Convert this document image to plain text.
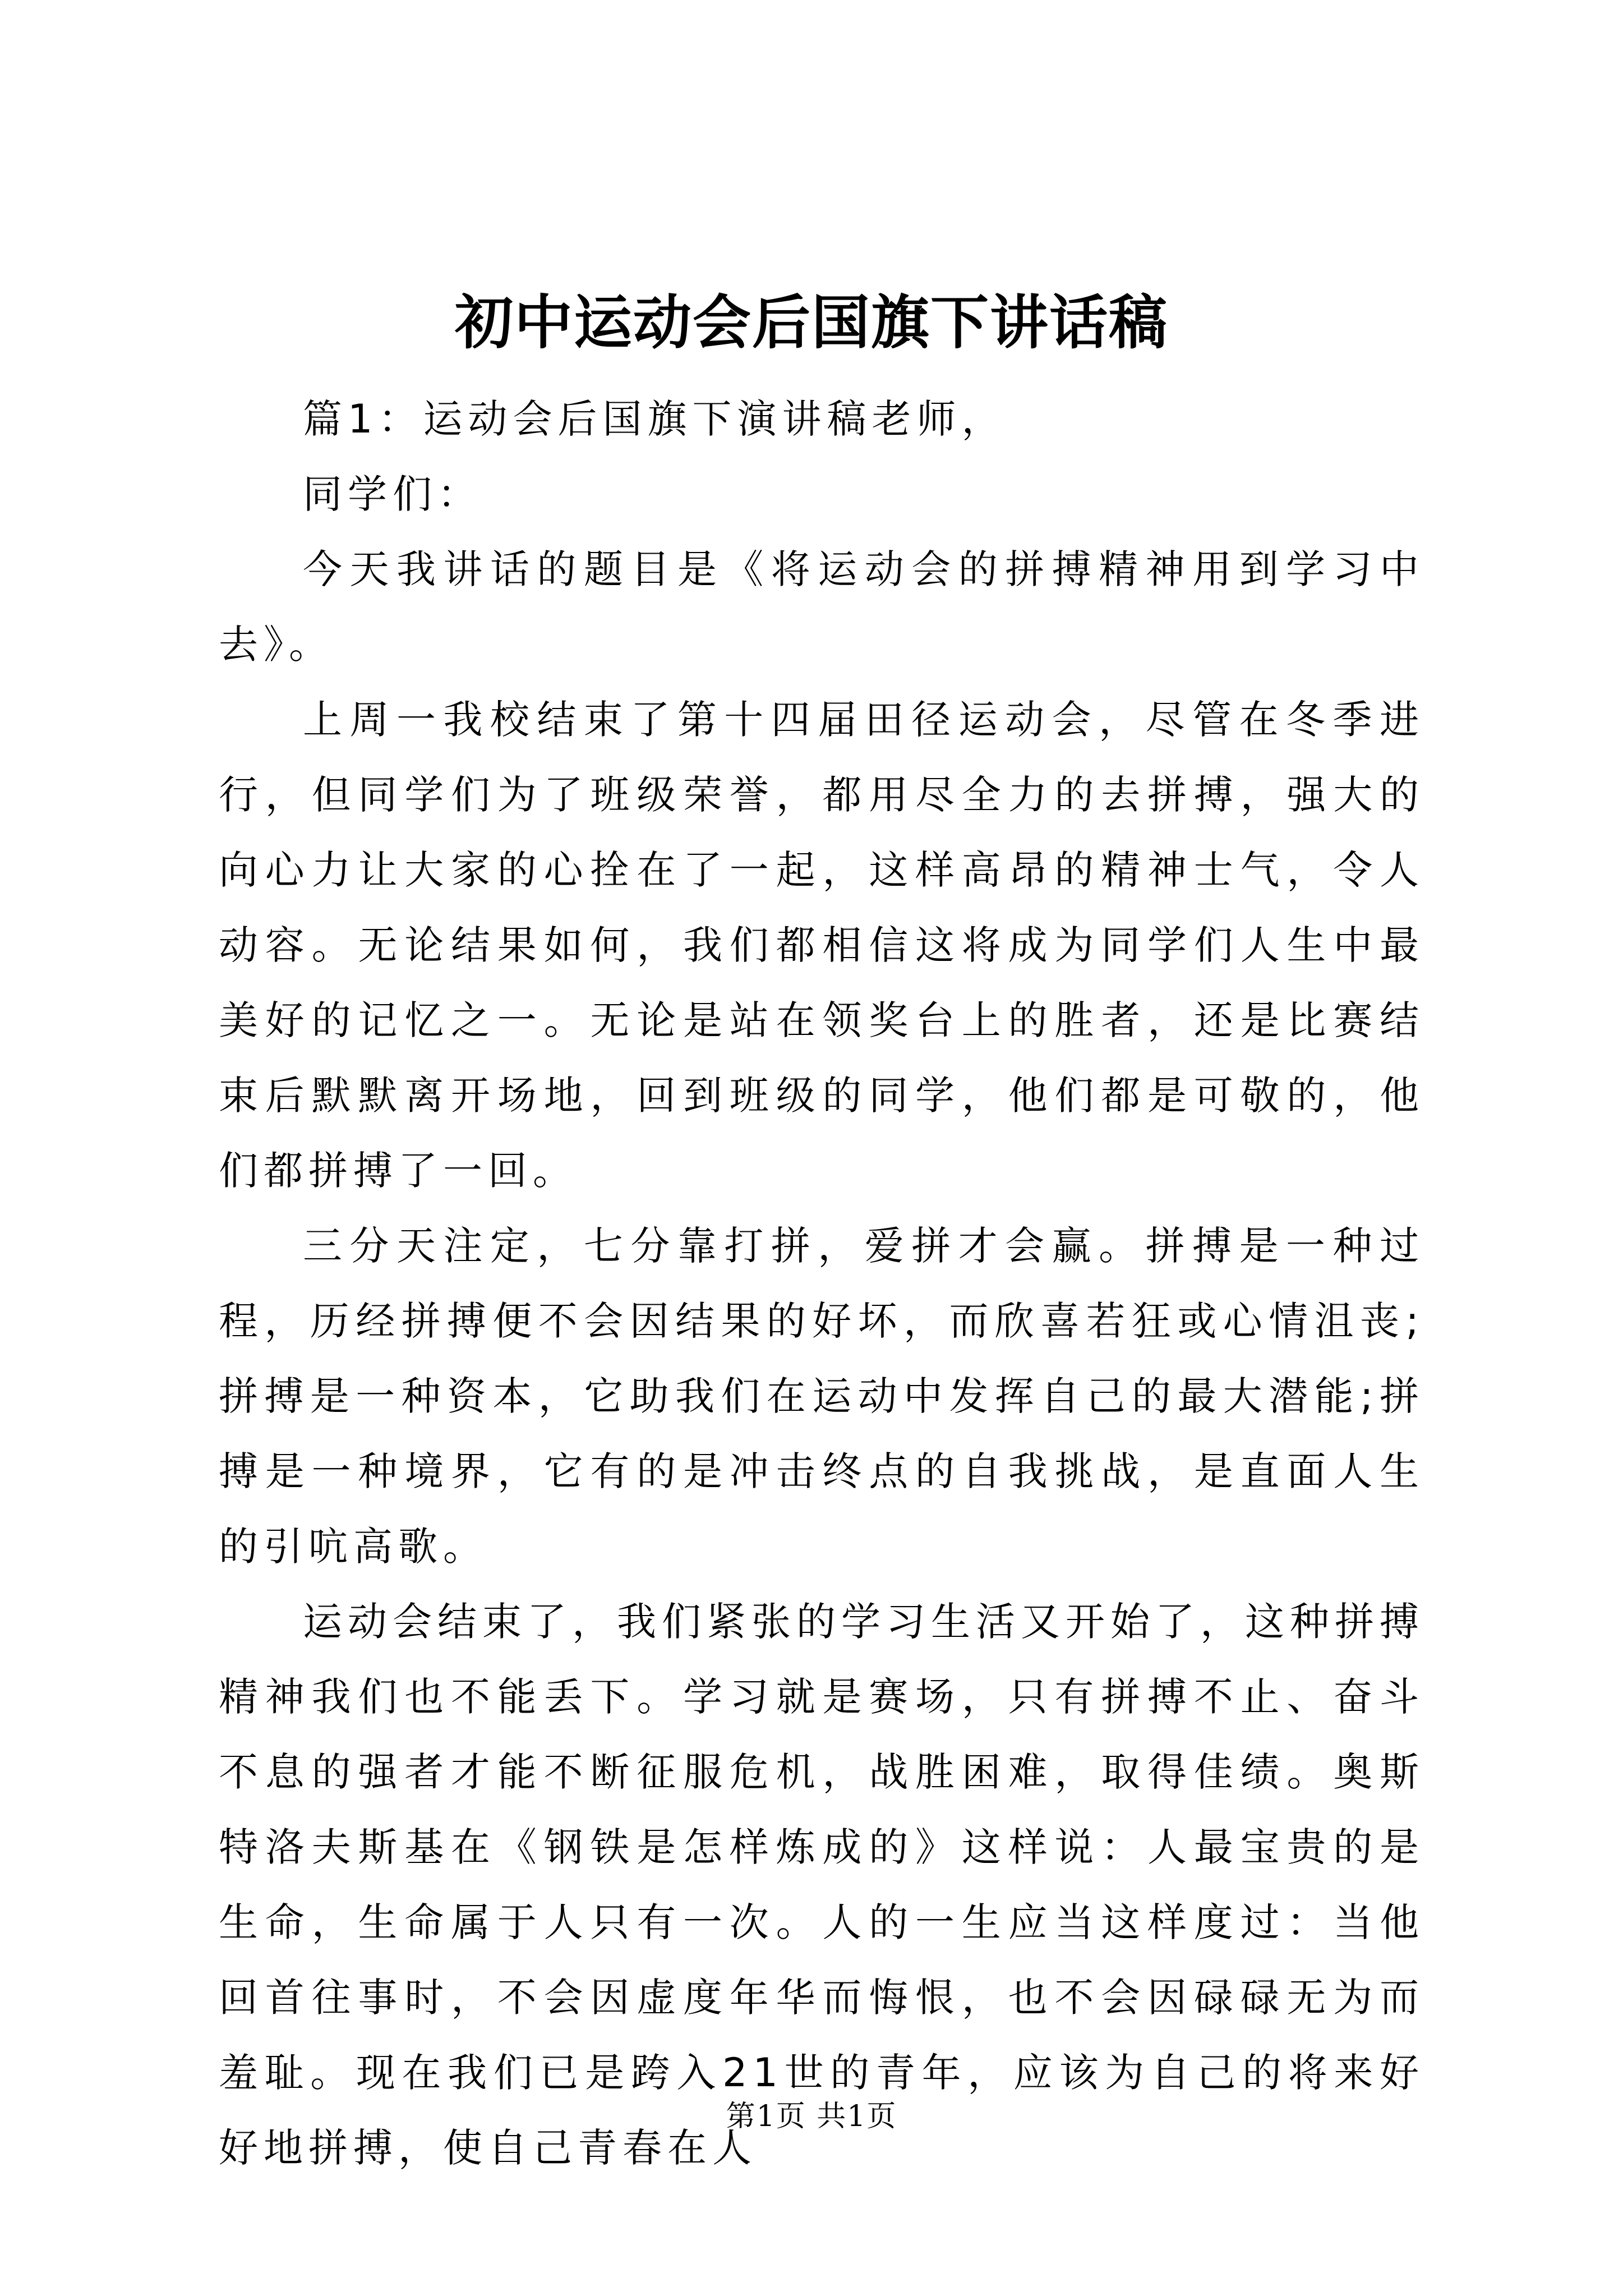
初中运动会后国旗下讲话稿

篇1：运动会后国旗下演讲稿老师，

同学们：

今天我讲话的题目是《将运动会的拼搏精神用到学习中去》。

上周一我校结束了第十四届田径运动会，尽管在冬季进行，但同学们为了班级荣誉，都用尽全力的去拼搏，强大的向心力让大家的心拴在了一起，这样高昂的精神士气，令人动容。无论结果如何，我们都相信这将成为同学们人生中最美好的记忆之一。无论是站在领奖台上的胜者，还是比赛结束后默默离开场地，回到班级的同学，他们都是可敬的，他们都拼搏了一回。

三分天注定，七分靠打拼，爱拼才会赢。拼搏是一种过程，历经拼搏便不会因结果的好坏，而欣喜若狂或心情沮丧;拼搏是一种资本，它助我们在运动中发挥自己的最大潜能;拼搏是一种境界，它有的是冲击终点的自我挑战，是直面人生的引吭高歌。

运动会结束了，我们紧张的学习生活又开始了，这种拼搏精神我们也不能丢下。学习就是赛场，只有拼搏不止、奋斗不息的强者才能不断征服危机，战胜困难，取得佳绩。奥斯特洛夫斯基在《钢铁是怎样炼成的》这样说：人最宝贵的是生命，生命属于人只有一次。人的一生应当这样度过：当他回首往事时，不会因虚度年华而悔恨，也不会因碌碌无为而羞耻。现在我们已是跨入21世的青年，应该为自己的将来好好地拼搏，使自己青春在人

第1页 共1页
